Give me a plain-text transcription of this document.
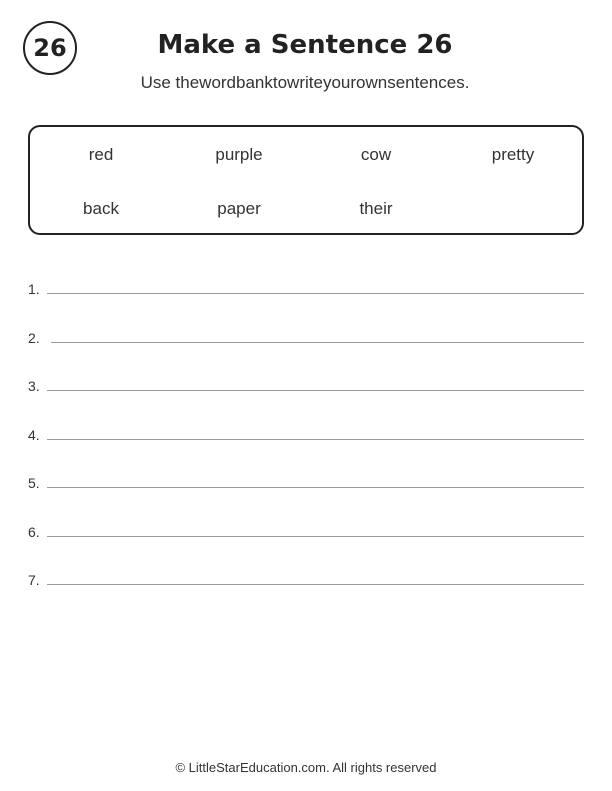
26	Make a Sentence 26
Use thewordbanktowriteyourownsentences.
red	purple	cow	pretty
back	paper	their
1.
2.
3.
4.
5.
6.
7.
© LittleStarEducation.com. All rights reserved
